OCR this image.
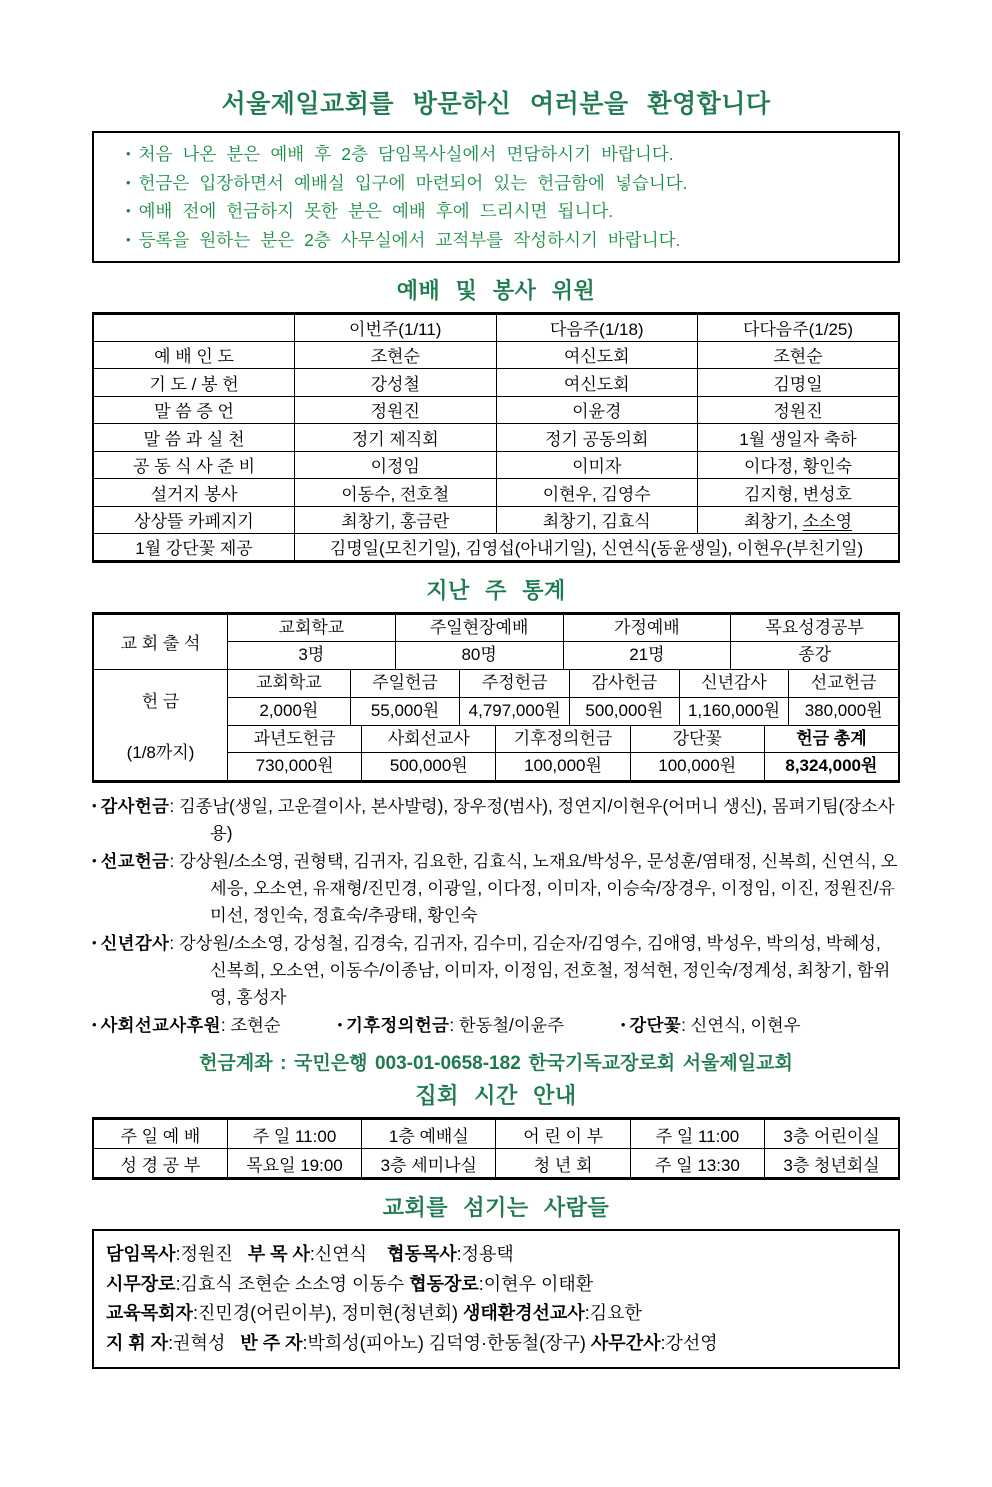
서울제일교회를 방문하신 여러분을 환영합니다
• 처음 나온 분은 예배 후 2층 담임목사실에서 면담하시기 바랍니다.
• 헌금은 입장하면서 예배실 입구에 마련되어 있는 헌금함에 넣습니다.
• 예배 전에 헌금하지 못한 분은 예배 후에 드리시면 됩니다.
• 등록을 원하는 분은 2층 사무실에서 교적부를 작성하시기 바랍니다.
예배 및 봉사 위원
	이번주(1/11)	다음주(1/18)	다다음주(1/25)
예 배 인 도	조현순	여신도회	조현순
기 도 / 봉 헌	강성철	여신도회	김명일
말 씀 증 언	정원진	이윤경	정원진
말 씀 과 실 천	정기 제직회	정기 공동의회	1월 생일자 축하
공 동 식 사 준 비	이정임	이미자	이다정, 황인숙
설거지 봉사	이동수, 전호철	이현우, 김영수	김지형, 변성호
상상뜰 카페지기	최창기, 홍금란	최창기, 김효식	최창기, 소소영
1월 강단꽃 제공	김명일(모친기일), 김영섭(아내기일), 신연식(동윤생일), 이현우(부친기일)		
지난 주 통계
교 회 출 석
교회학교	주일현장예배	가정예배	목요성경공부
3명	80명	21명	종강
헌 금
(1/8까지)
교회학교	주일헌금	주정헌금	감사헌금	신년감사	선교헌금
2,000원	55,000원	4,797,000원	500,000원	1,160,000원	380,000원
과년도헌금	사회선교사	기후정의헌금	강단꽃	헌금 총계
730,000원	500,000원	100,000원	100,000원	8,324,000원
• 감사헌금: 김종남(생일, 고운결이사, 본사발령), 장우정(범사), 정연지/이현우(어머니 생신), 몸펴기팀(장소사용)
• 선교헌금: 강상원/소소영, 권형택, 김귀자, 김요한, 김효식, 노재요/박성우, 문성훈/염태정, 신복희, 신연식, 오세응, 오소연, 유재형/진민경, 이광일, 이다정, 이미자, 이승숙/장경우, 이정임, 이진, 정원진/유미선, 정인숙, 정효숙/추광태, 황인숙
• 신년감사: 강상원/소소영, 강성철, 김경숙, 김귀자, 김수미, 김순자/김영수, 김애영, 박성우, 박의성, 박혜성, 신복희, 오소연, 이동수/이종남, 이미자, 이정임, 전호철, 정석현, 정인숙/정계성, 최창기, 함위영, 홍성자
• 사회선교사후원: 조현순	• 기후정의헌금: 한동철/이윤주	• 강단꽃: 신연식, 이현우
헌금계좌 : 국민은행 003-01-0658-182 한국기독교장로회 서울제일교회
집회 시간 안내
주 일 예 배	주 일 11:00	1층 예배실	어 린 이 부	주 일 11:00	3층 어린이실
성 경 공 부	목요일 19:00	3층 세미나실	청 년 회	주 일 13:30	3층 청년회실
교회를 섬기는 사람들
담임목사:정원진   부 목 사:신연식    협동목사:정용택
시무장로:김효식 조현순 소소영 이동수 협동장로:이현우 이태환
교육목회자:진민경(어린이부), 정미현(청년회) 생태환경선교사:김요한
지 휘 자:권혁성   반 주 자:박희성(피아노) 김덕영·한동철(장구) 사무간사:강선영
